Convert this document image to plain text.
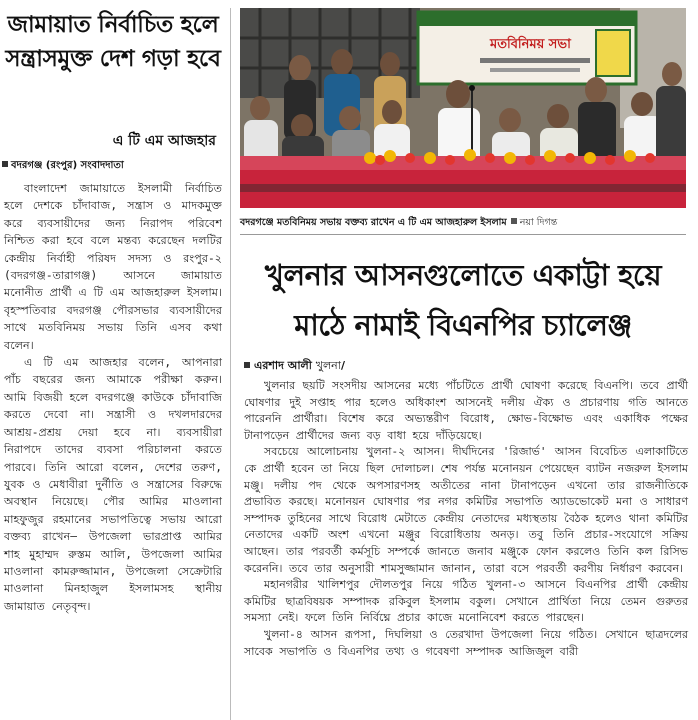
জামায়াত নির্বাচিত হলে সন্ত্রাসমুক্ত দেশ গড়া হবে
এ টি এম আজহার
বদরগঞ্জ (রংপুর) সংবাদদাতা

বাংলাদেশ জামায়াতে ইসলামী নির্বাচিত হলে দেশকে চাঁদাবাজ, সন্ত্রাস ও মাদকমুক্ত করে ব্যবসায়ীদের জন্য নিরাপদ পরিবেশ নিশ্চিত করা হবে বলে মন্তব্য করেছেন দলটির কেন্দ্রীয় নির্বাহী পরিষদ সদস্য ও রংপুর-২ (বদরগঞ্জ-তারাগঞ্জ) আসনে জামায়াত মনোনীত প্রার্থী এ টি এম আজহারুল ইসলাম। বৃহস্পতিবার বদরগঞ্জ পৌরসভার ব্যবসায়ীদের সাথে মতবিনিময় সভায় তিনি এসব কথা বলেন।

এ টি এম আজহার বলেন, আপনারা পাঁচ বছরের জন্য আমাকে পরীক্ষা করুন। আমি বিজয়ী হলে বদরগঞ্জে কাউকে চাঁদাবাজি করতে দেবো না। সন্ত্রাসী ও দখলদারদের আশ্রয়-প্রশ্রয় দেয়া হবে না। ব্যবসায়ীরা নিরাপদে তাদের ব্যবসা পরিচালনা করতে পারবে। তিনি আরো বলেন, দেশের তরুণ, যুবক ও মেধাবীরা দুর্নীতি ও সন্ত্রাসের বিরুদ্ধে অবস্থান নিয়েছে। পৌর আমির মাওলানা মাহফুজুর রহমানের সভাপতিত্বে সভায় আরো বক্তব্য রাখেন– উপজেলা ভারপ্রাপ্ত আমির শাহ মুহাম্মদ রুস্তম আলি, উপজেলা আমির মাওলানা কামরুজ্জামান, উপজেলা সেক্রেটারি মাওলানা মিনহাজুল ইসলামসহ স্থানীয় জামায়াত নেতৃবৃন্দ।

মতবিনিময় সভা
বদরগঞ্জে মতবিনিময় সভায় বক্তব্য রাখেন এ টি এম আজহারুল ইসলাম নয়া দিগন্ত
খুলনার আসনগুলোতে একাট্টা হয়ে মাঠে নামাই বিএনপির চ্যালেঞ্জ
এরশাদ আলী খুলনা/

খুলনার ছয়টি সংসদীয় আসনের মধ্যে পাঁচটিতে প্রার্থী ঘোষণা করেছে বিএনপি। তবে প্রার্থী ঘোষণার দুই সপ্তাহ পার হলেও অধিকাংশ আসনেই দলীয় ঐক্য ও প্রচারণায় গতি আনতে পারেননি প্রার্থীরা। বিশেষ করে অভ্যন্তরীণ বিরোধ, ক্ষোভ-বিক্ষোভ এবং একাধিক পক্ষের টানাপড়েন প্রার্থীদের জন্য বড় বাধা হয়ে দাঁড়িয়েছে।

সবচেয়ে আলোচনায় খুলনা-২ আসন। দীর্ঘদিনের 'রিজার্ভ' আসন বিবেচিত এলাকাটিতে কে প্রার্থী হবেন তা নিয়ে ছিল দোলাচল। শেষ পর্যন্ত মনোনয়ন পেয়েছেন ব্যাটন নজরুল ইসলাম মঞ্জু। দলীয় পদ থেকে অপসারণসহ অতীতের নানা টানাপড়েন এখনো তার রাজনীতিকে প্রভাবিত করছে। মনোনয়ন ঘোষণার পর নগর কমিটির সভাপতি অ্যাডভোকেট মনা ও সাধারণ সম্পাদক তুহিনের সাথে বিরোধ মেটাতে কেন্দ্রীয় নেতাদের মধ্যস্থতায় বৈঠক হলেও থানা কমিটির নেতাদের একটি অংশ এখনো মঞ্জুর বিরোধিতায় অনড়। তবু তিনি প্রচার-সংযোগে সক্রিয় আছেন। তার পরবর্তী কর্মসূচি সম্পর্কে জানতে জনাব মঞ্জুকে ফোন করলেও তিনি কল রিসিভ করেননি। তবে তার অনুসারী শামসুজ্জামান জানান, তারা বসে পরবর্তী করণীয় নির্ধারণ করবেন।

মহানগরীর খালিশপুর দৌলতপুর নিয়ে গঠিত খুলনা-৩ আসনে বিএনপির প্রার্থী কেন্দ্রীয় কমিটির ছাত্রবিষয়ক সম্পাদক রকিবুল ইসলাম বকুল। সেখানে প্রার্থিতা নিয়ে তেমন গুরুতর সমস্যা নেই। ফলে তিনি নির্বিঘ্নে প্রচার কাজে মনোনিবেশ করতে পারছেন।

খুলনা-৪ আসন রূপসা, দিঘলিয়া ও তেরখাদা উপজেলা নিয়ে গঠিত। সেখানে ছাত্রদলের সাবেক সভাপতি ও বিএনপির তথ্য ও গবেষণা সম্পাদক আজিজুল বারী
